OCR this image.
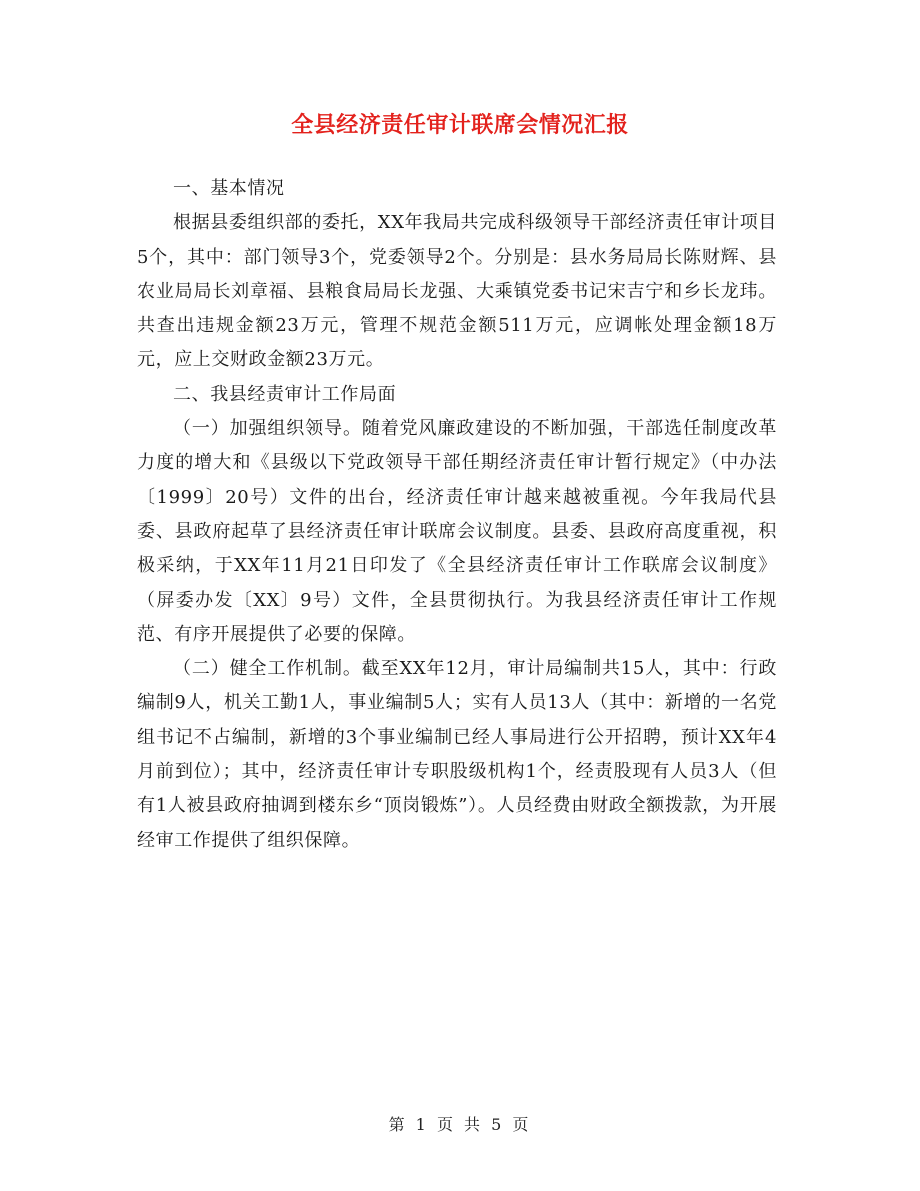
全县经济责任审计联席会情况汇报

一、基本情况

根据县委组织部的委托，XX年我局共完成科级领导干部经济责任审计项目5个，其中：部门领导3个，党委领导2个。分别是：县水务局局长陈财辉、县农业局局长刘章福、县粮食局局长龙强、大乘镇党委书记宋吉宁和乡长龙玮。共查出违规金额23万元，管理不规范金额511万元，应调帐处理金额18万元，应上交财政金额23万元。

二、我县经责审计工作局面

（一）加强组织领导。随着党风廉政建设的不断加强，干部选任制度改革力度的增大和《县级以下党政领导干部任期经济责任审计暂行规定》（中办法〔1999〕20号）文件的出台，经济责任审计越来越被重视。今年我局代县委、县政府起草了县经济责任审计联席会议制度。县委、县政府高度重视，积极采纳，于XX年11月21日印发了《全县经济责任审计工作联席会议制度》（屏委办发〔XX〕9号）文件，全县贯彻执行。为我县经济责任审计工作规范、有序开展提供了必要的保障。

（二）健全工作机制。截至XX年12月，审计局编制共15人，其中：行政编制9人，机关工勤1人，事业编制5人；实有人员13人（其中：新增的一名党组书记不占编制，新增的3个事业编制已经人事局进行公开招聘，预计XX年4月前到位）；其中，经济责任审计专职股级机构1个，经责股现有人员3人（但有1人被县政府抽调到楼东乡“顶岗锻炼”）。人员经费由财政全额拨款，为开展经审工作提供了组织保障。

第 1 页 共 5 页
